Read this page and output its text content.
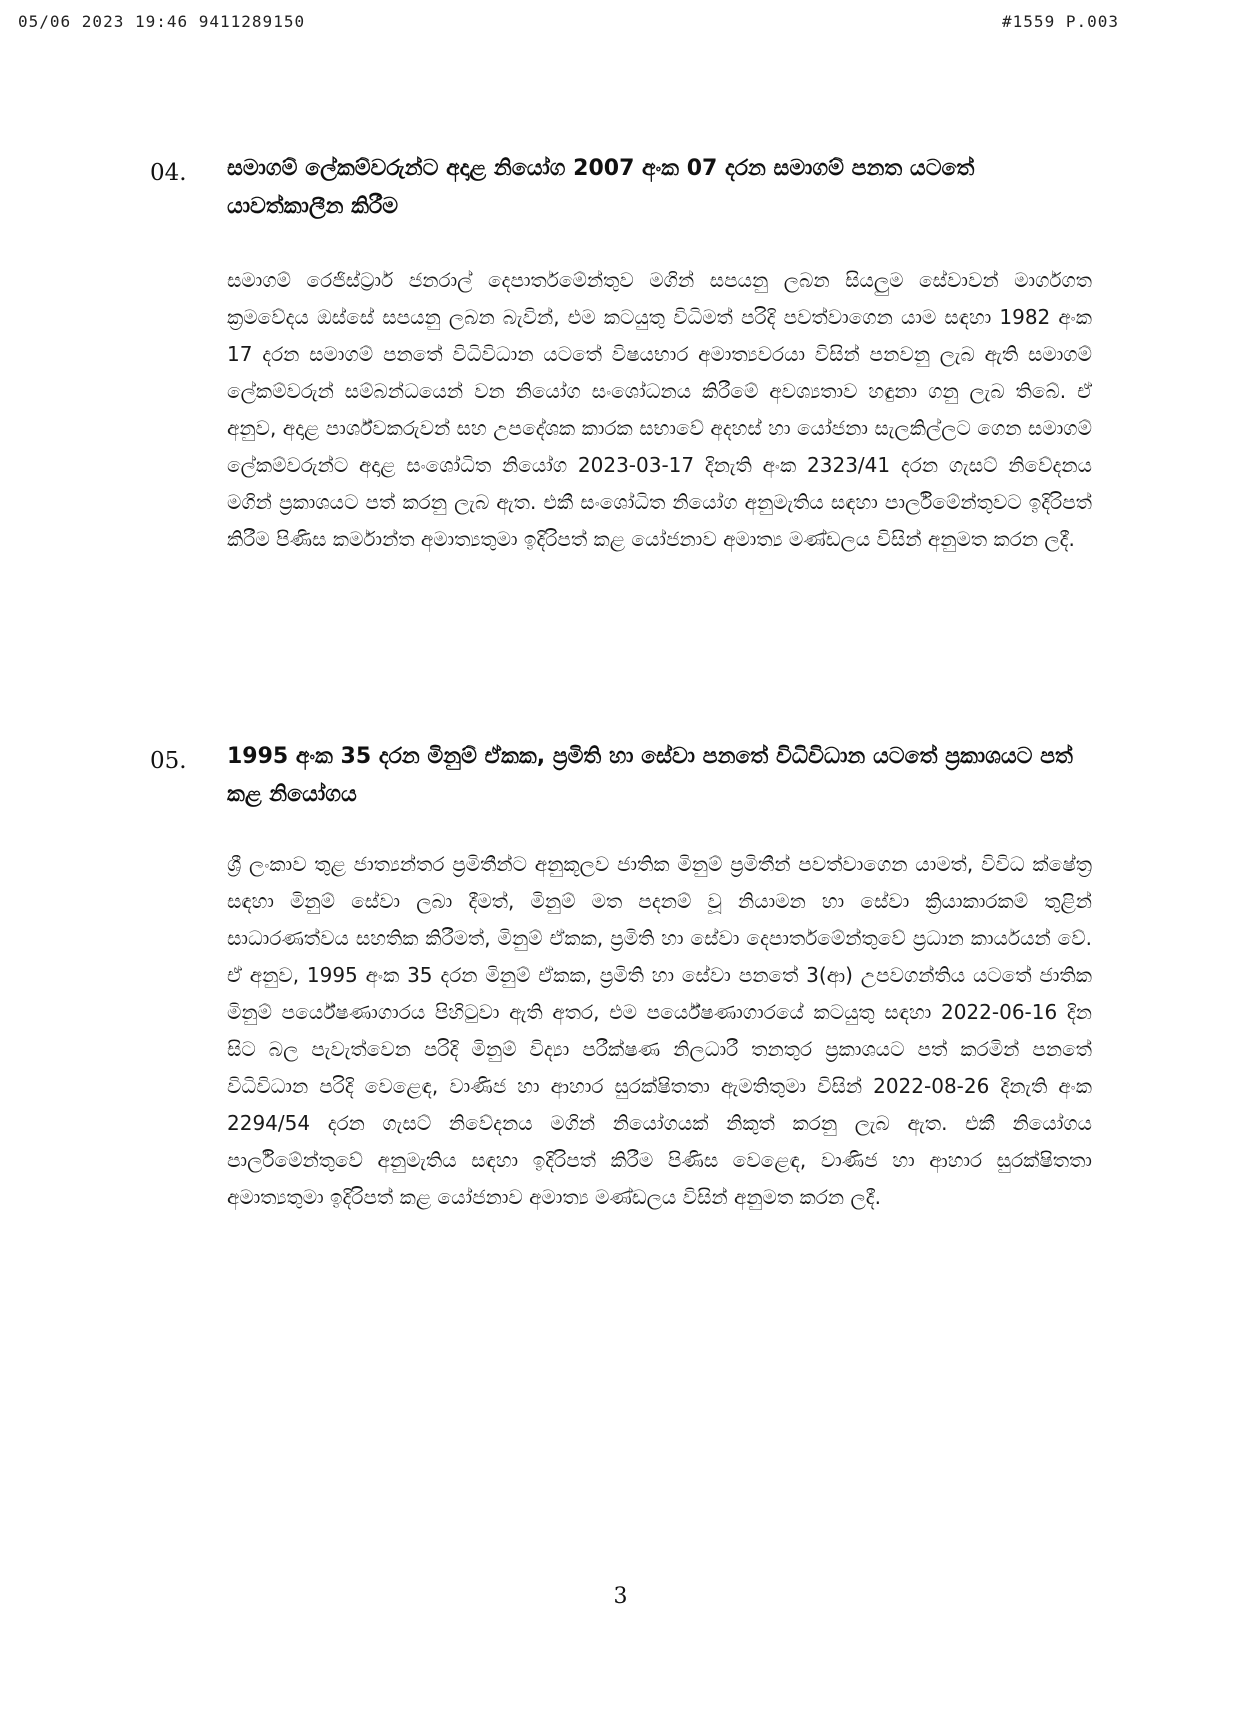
05/06 2023 19:46 9411289150	#1559 P.003
04. සමාගම් ලේකම්වරුන්ට අදාළ නියෝග 2007 අංක 07 දරන සමාගම් පනත යටතේ යාවත්කාලීන කිරීම
සමාගම් රෙජිස්ට්‍රාර් ජනරාල් දෙපාර්තමේන්තුව මගින් සපයනු ලබන සියලුම සේවාවන් මාර්ගගත ක්‍රමවේදය ඔස්සේ සපයනු ලබන බැවින්, එම කටයුතු විධිමත් පරිදි පවත්වාගෙන යාම සඳහා 1982 අංක 17 දරන සමාගම් පනතේ විධිවිධාන යටතේ විෂයභාර අමාත්‍යවරයා විසින් පනවනු ලැබ ඇති සමාගම් ලේකම්වරුන් සම්බන්ධයෙන් වන නියෝග සංශෝධනය කිරීමේ අවශ්‍යතාව හඳුනා ගනු ලැබ තිබේ. ඒ අනුව, අදාළ පාර්ශ්වකරුවන් සහ උපදේශක කාරක සභාවේ අදහස් හා යෝජනා සැලකිල්ලට ගෙන සමාගම් ලේකම්වරුන්ට අදාළ සංශෝධිත නියෝග 2023-03-17 දිනැති අංක 2323/41 දරන ගැසට් නිවේදනය මගින් ප්‍රකාශයට පත් කරනු ලැබ ඇත. එකී සංශෝධිත නියෝග අනුමැතිය සඳහා පාර්ලිමේන්තුවට ඉදිරිපත් කිරීම පිණිස කර්මාන්ත අමාත්‍යතුමා ඉදිරිපත් කළ යෝජනාව අමාත්‍ය මණ්ඩලය විසින් අනුමත කරන ලදී.
05. 1995 අංක 35 දරන මිනුම් ඒකක, ප්‍රමිති හා සේවා පනතේ විධිවිධාන යටතේ ප්‍රකාශයට පත් කළ නියෝගය
ශ්‍රී ලංකාව තුළ ජාත්‍යන්තර ප්‍රමිතීන්ට අනුකූලව ජාතික මිනුම් ප්‍රමිතීන් පවත්වාගෙන යාමත්, විවිධ ක්ෂේත්‍ර සඳහා මිනුම් සේවා ලබා දීමත්, මිනුම් මත පදනම් වූ නියාමන හා සේවා ක්‍රියාකාරකම් තුළින් සාධාරණත්වය සහතික කිරීමත්, මිනුම් ඒකක, ප්‍රමිති හා සේවා දෙපාර්තමේන්තුවේ ප්‍රධාන කාර්යයන් වේ. ඒ අනුව, 1995 අංක 35 දරන මිනුම් ඒකක, ප්‍රමිති හා සේවා පනතේ 3(ආ) උපවගන්තිය යටතේ ජාතික මිනුම් පර්යේෂණාගාරය පිහිටුවා ඇති අතර, එම පර්යේෂණාගාරයේ කටයුතු සඳහා 2022-06-16 දින සිට බල පැවැත්වෙන පරිදි මිනුම් විද්‍යා පරීක්ෂණ නිලධාරී තනතුර ප්‍රකාශයට පත් කරමින් පනතේ විධිවිධාන පරිදි වෙළෙඳ, වාණිජ හා ආහාර සුරක්ෂිතතා ඇමතිතුමා විසින් 2022-08-26 දිනැති අංක 2294/54 දරන ගැසට් නිවේදනය මගින් නියෝගයක් නිකුත් කරනු ලැබ ඇත. එකී නියෝගය පාර්ලිමේන්තුවේ අනුමැතිය සඳහා ඉදිරිපත් කිරීම පිණිස වෙළෙඳ, වාණිජ හා ආහාර සුරක්ෂිතතා අමාත්‍යතුමා ඉදිරිපත් කළ යෝජනාව අමාත්‍ය මණ්ඩලය විසින් අනුමත කරන ලදී.
3
